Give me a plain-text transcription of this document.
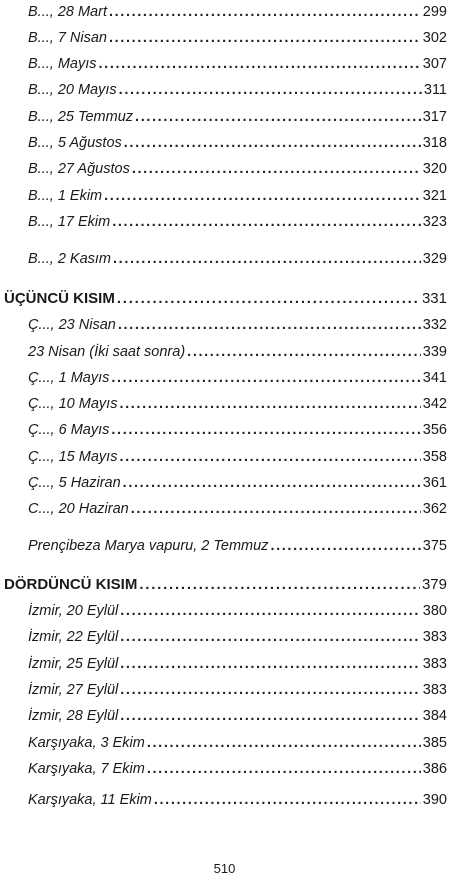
B..., 28 Mart . . .	299
B..., 7 Nisan . . .	302
B..., Mayıs . . .	307
B..., 20 Mayıs . . .	311
B..., 25 Temmuz . . .	317
B..., 5 Ağustos . . .	318
B..., 27 Ağustos . . .	320
B..., 1 Ekim . . .	321
B..., 17 Ekim . . .	323
B..., 2 Kasım . . .	329
ÜÇÜNCÜ KISIM . . .	331
Ç..., 23 Nisan . . .	332
23 Nisan (İki saat sonra) . . .	339
Ç..., 1 Mayıs . . .	341
Ç..., 10 Mayıs . . .	342
Ç..., 6 Mayıs . . .	356
Ç..., 15 Mayıs . . .	358
Ç..., 5 Haziran . . .	361
C..., 20 Haziran . . .	362
Prençibeza Marya vapuru, 2 Temmuz . . .	375
DÖRDÜNCÜ KISIM . . .	379
İzmir, 20 Eylül . . .	380
İzmir, 22 Eylül . . .	383
İzmir, 25 Eylül . . .	383
İzmir, 27 Eylül . . .	383
İzmir, 28 Eylül . . .	384
Karşıyaka, 3 Ekim . . .	385
Karşıyaka, 7 Ekim . . .	386
Karşıyaka, 11 Ekim . . .	390
510
